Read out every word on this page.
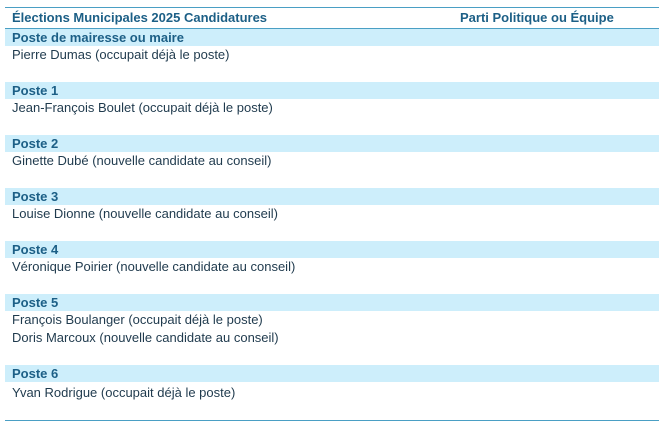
Élections Municipales 2025 Candidatures	Parti Politique ou Équipe
Poste de mairesse ou maire
Pierre Dumas (occupait déjà le poste)
Poste 1
Jean-François Boulet (occupait déjà le poste)
Poste 2
Ginette Dubé (nouvelle candidate au conseil)
Poste 3
Louise Dionne (nouvelle candidate au conseil)
Poste 4
Véronique Poirier (nouvelle candidate au conseil)
Poste 5
François Boulanger (occupait déjà le poste)
Doris Marcoux (nouvelle candidate au conseil)
Poste 6
Yvan Rodrigue (occupait déjà le poste)
